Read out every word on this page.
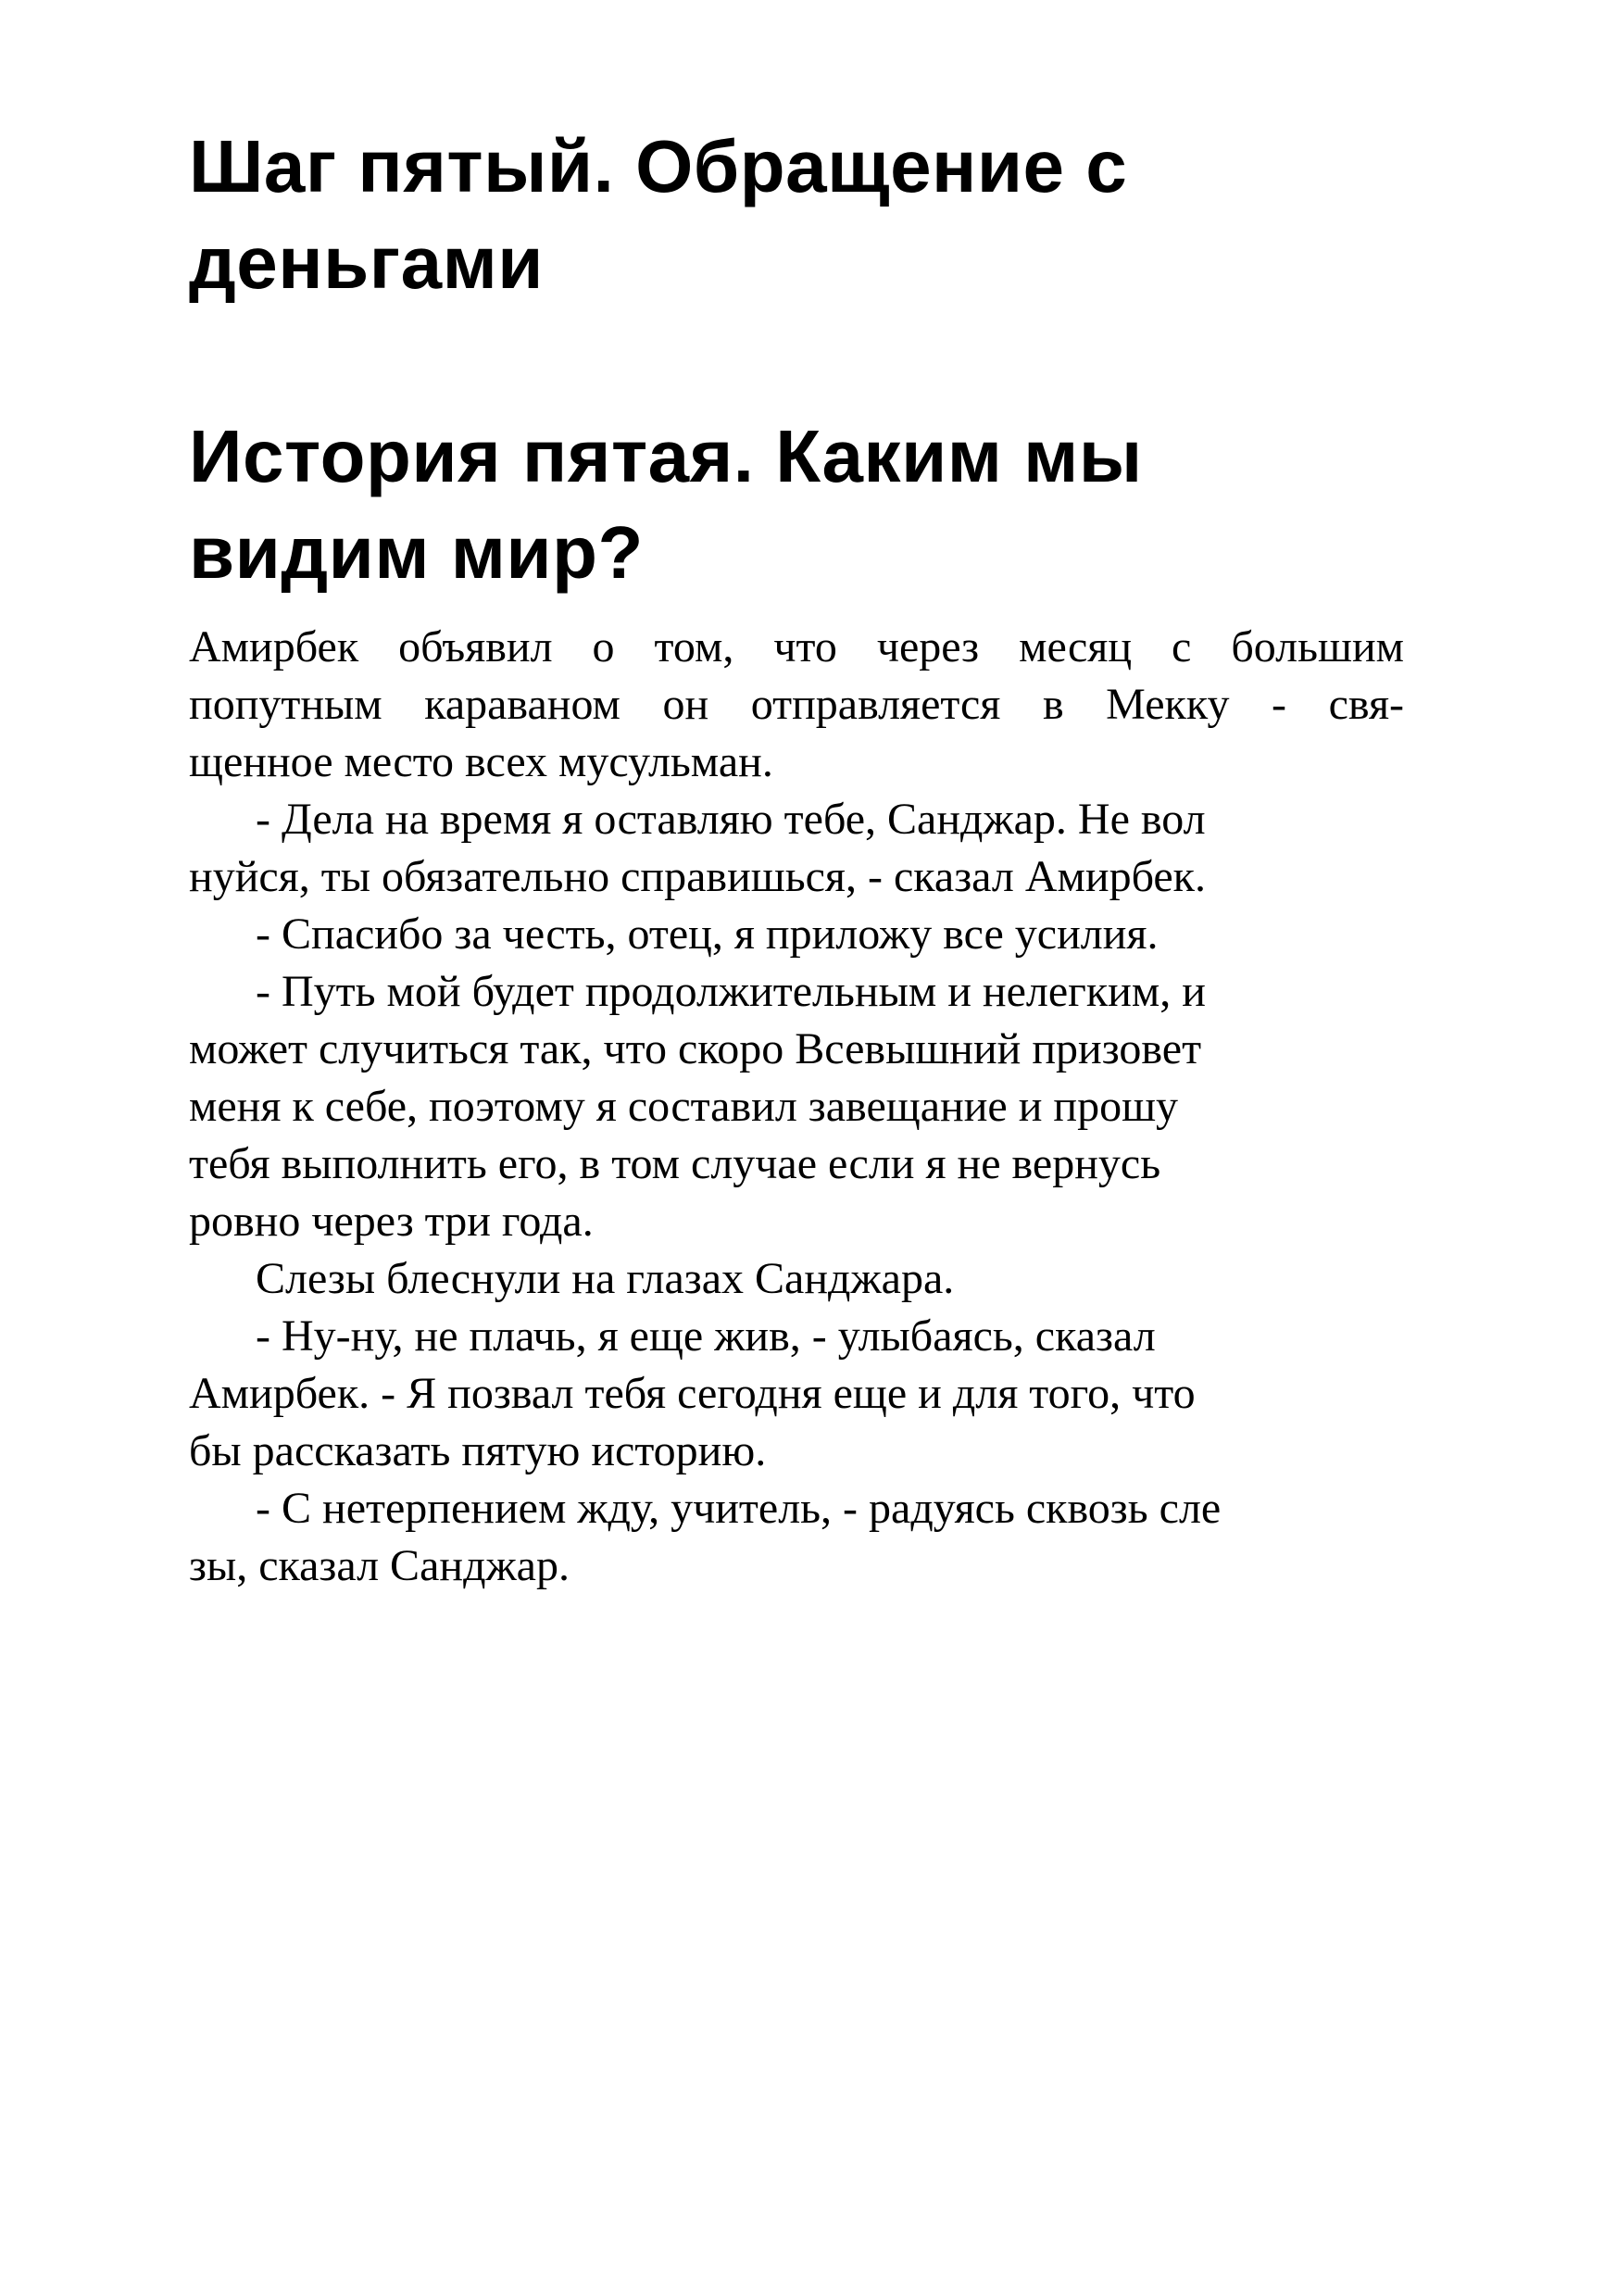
Шаг пятый. Обращение с
деньгами
История пятая. Каким мы
видим мир?
Амирбек объявил о том, что через месяц с большим
попутным караваном он отправляется в Мекку - свя-
щенное место всех мусульман.
- Дела на время я оставляю тебе, Санджар. Не вол
нуйся, ты обязательно справишься, - сказал Амирбек.
- Спасибо за честь, отец, я приложу все усилия.
- Путь мой будет продолжительным и нелегким, и
может случиться так, что скоро Всевышний призовет
меня к себе, поэтому я составил завещание и прошу
тебя выполнить его, в том случае если я не вернусь
ровно через три года.
Слезы блеснули на глазах Санджара.
- Ну-ну, не плачь, я еще жив, - улыбаясь, сказал
Амирбек. - Я позвал тебя сегодня еще и для того, что
бы рассказать пятую историю.
- С нетерпением жду, учитель, - радуясь сквозь сле
зы, сказал Санджар.
